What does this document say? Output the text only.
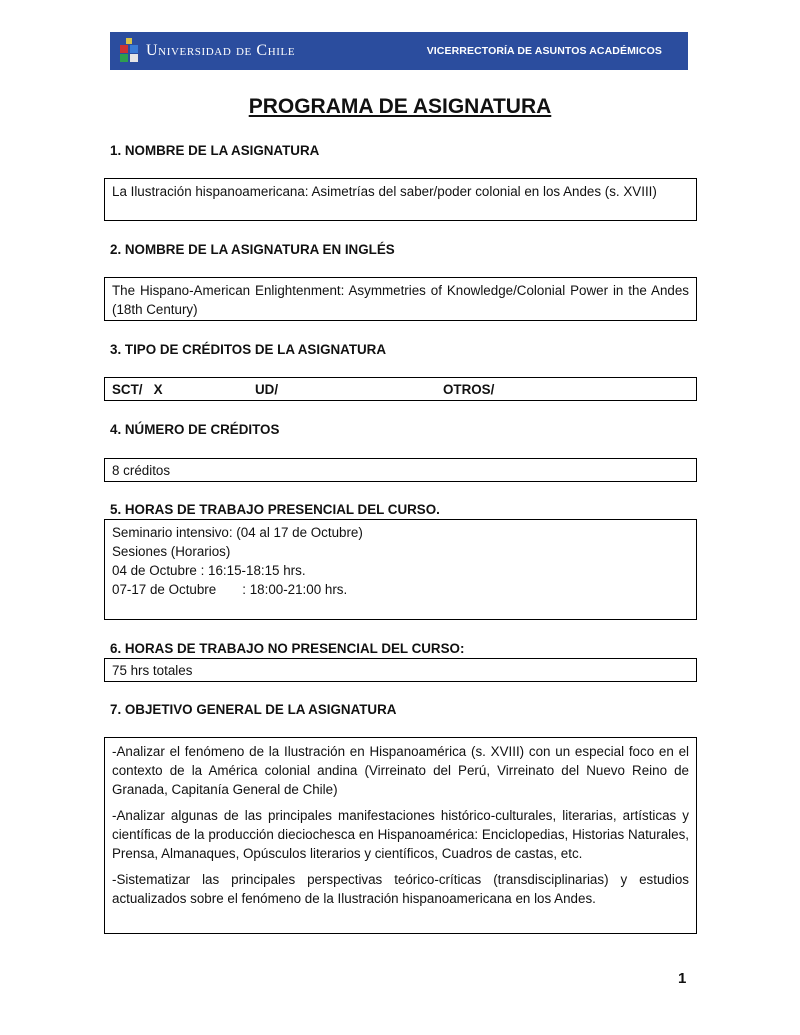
Universidad de Chile	VICERRECTORÍA DE ASUNTOS ACADÉMICOS
PROGRAMA DE ASIGNATURA
1. NOMBRE DE LA ASIGNATURA
La Ilustración hispanoamericana: Asimetrías del saber/poder colonial en los Andes (s. XVIII)
2. NOMBRE DE LA ASIGNATURA EN INGLÉS
The Hispano-American Enlightenment: Asymmetries of Knowledge/Colonial Power in the Andes (18th Century)
3. TIPO DE CRÉDITOS DE LA ASIGNATURA
SCT/   X	UD/	OTROS/
4. NÚMERO DE CRÉDITOS
8 créditos
5. HORAS DE TRABAJO PRESENCIAL DEL CURSO.
Seminario intensivo: (04 al 17 de Octubre)
Sesiones (Horarios)
04 de Octubre : 16:15-18:15 hrs.
07-17 de Octubre       : 18:00-21:00 hrs.
6. HORAS DE TRABAJO NO PRESENCIAL DEL CURSO:
75 hrs totales
7. OBJETIVO GENERAL DE LA ASIGNATURA

-Analizar el fenómeno de la Ilustración en Hispanoamérica (s. XVIII) con un especial foco en el contexto de la América colonial andina (Virreinato del Perú, Virreinato del Nuevo Reino de Granada, Capitanía General de Chile)

-Analizar algunas de las principales manifestaciones histórico-culturales, literarias, artísticas y científicas de la producción dieciochesca en Hispanoamérica: Enciclopedias, Historias Naturales, Prensa, Almanaques, Opúsculos literarios y científicos, Cuadros de castas, etc.

-Sistematizar las principales perspectivas teórico-críticas (transdisciplinarias) y estudios actualizados sobre el fenómeno de la Ilustración hispanoamericana en los Andes.

1
